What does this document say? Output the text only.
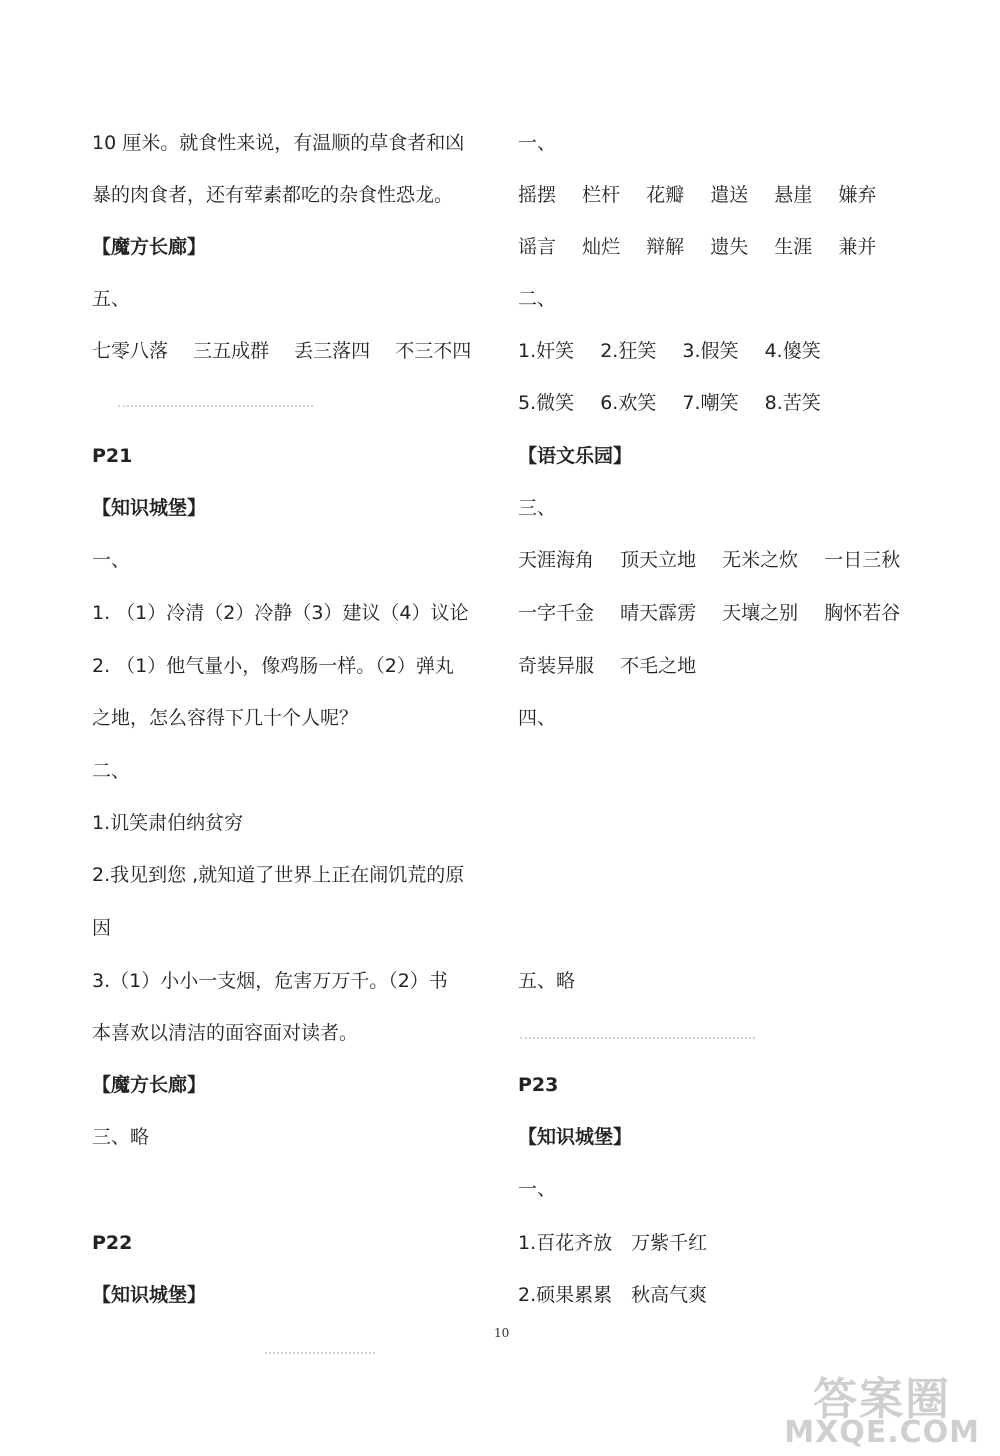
10 厘米。就食性来说，有温顺的草食者和凶
暴的肉食者，还有荤素都吃的杂食性恐龙。
【魔方长廊】
五、
七零八落 三五成群 丢三落四 不三不四
P21
【知识城堡】
一、
1. （1）冷清（2）冷静（3）建议（4）议论
2. （1）他气量小，像鸡肠一样。（2）弹丸
之地，怎么容得下几十个人呢？
二、
1.讥笑肃伯纳贫穷
2.我见到您 ,就知道了世界上正在闹饥荒的原
因
3.（1）小小一支烟，危害万万千。（2）书
本喜欢以清洁的面容面对读者。
【魔方长廊】
三、略
P22
【知识城堡】
一、
摇摆 栏杆 花瓣 遣送 悬崖 嫌弃
谣言 灿烂 辩解 遗失 生涯 兼并
二、
1.奸笑 2.狂笑 3.假笑 4.傻笑
5.微笑 6.欢笑 7.嘲笑 8.苦笑
【语文乐园】
三、
天涯海角 顶天立地 无米之炊 一日三秋
一字千金 晴天霹雳 天壤之别 胸怀若谷
奇装异服 不毛之地
四、
五、略
P23
【知识城堡】
一、
1.百花齐放　万紫千红
2.硕果累累　秋高气爽
10
答案圈
MXQE.COM
